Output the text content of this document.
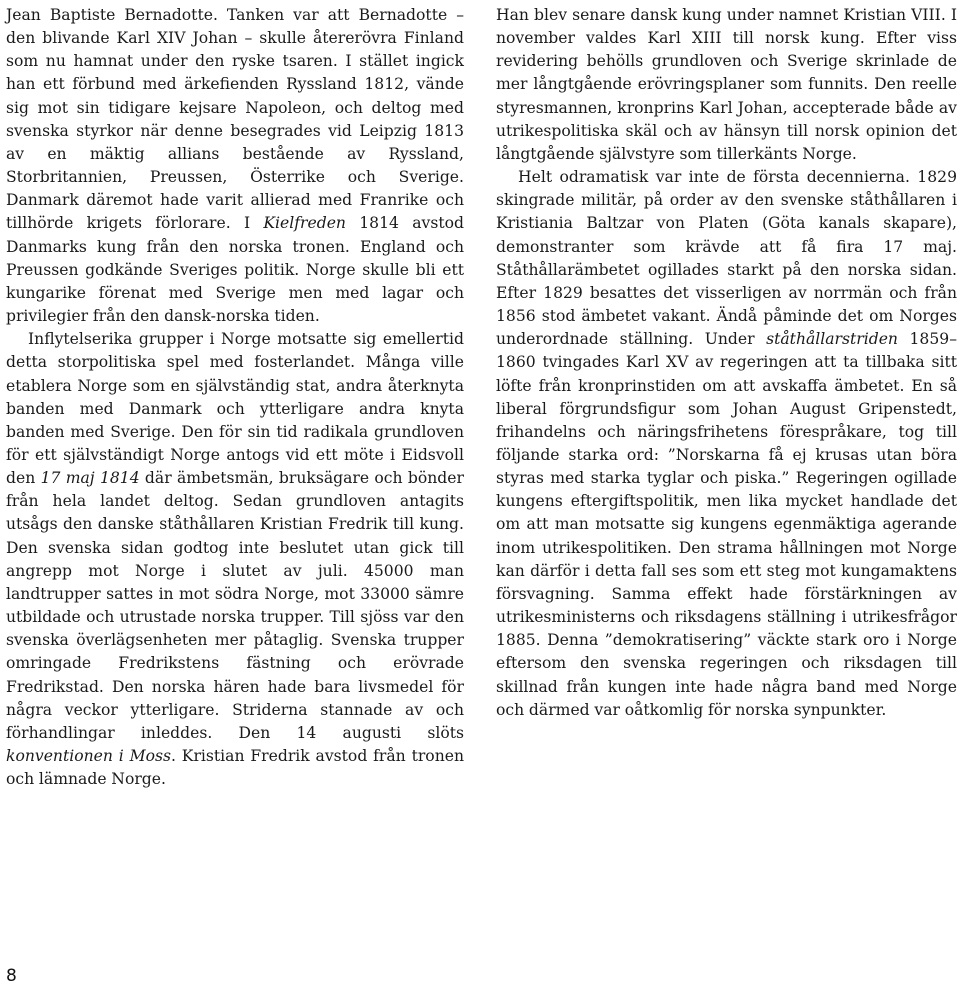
Jean Baptiste Bernadotte. Tanken var att Bernadotte – den blivande Karl XIV Johan – skulle återerövra Finland som nu hamnat under den ryske tsaren. I stället ingick han ett förbund med ärkefienden Ryssland 1812, vände sig mot sin tidigare kejsare Napoleon, och deltog med svenska styrkor när denne besegrades vid Leipzig 1813 av en mäktig allians bestående av Ryssland, Storbritannien, Preussen, Österrike och Sverige. Danmark däremot hade varit allierad med Franrike och tillhörde krigets förlorare. I Kielfreden 1814 avstod Danmarks kung från den norska tronen. England och Preussen godkände Sveriges politik. Norge skulle bli ett kungarike förenat med Sverige men med lagar och privilegier från den dansk-norska tiden.

Inflytelserika grupper i Norge motsatte sig emellertid detta storpolitiska spel med fosterlandet. Många ville etablera Norge som en självständig stat, andra återknyta banden med Danmark och ytterligare andra knyta banden med Sverige. Den för sin tid radikala grundloven för ett självständigt Norge antogs vid ett möte i Eidsvoll den 17 maj 1814 där ämbetsmän, bruksägare och bönder från hela landet deltog. Sedan grundloven antagits utsågs den danske ståthållaren Kristian Fredrik till kung. Den svenska sidan godtog inte beslutet utan gick till angrepp mot Norge i slutet av juli. 45000 man landtrupper sattes in mot södra Norge, mot 33000 sämre utbildade och utrustade norska trupper. Till sjöss var den svenska överlägsenheten mer påtaglig. Svenska trupper omringade Fredrikstens fästning och erövrade Fredrikstad. Den norska hären hade bara livsmedel för några veckor ytterligare. Striderna stannade av och förhandlingar inleddes. Den 14 augusti slöts konventionen i Moss. Kristian Fredrik avstod från tronen och lämnade Norge.

Han blev senare dansk kung under namnet Kristian VIII. I november valdes Karl XIII till norsk kung. Efter viss revidering behölls grundloven och Sverige skrinlade de mer långtgående erövringsplaner som funnits. Den reelle styresmannen, kronprins Karl Johan, accepterade både av utrikespolitiska skäl och av hänsyn till norsk opinion det långtgående självstyre som tillerkänts Norge.

Helt odramatisk var inte de första decennierna. 1829 skingrade militär, på order av den svenske ståthållaren i Kristiania Baltzar von Platen (Göta kanals skapare), demonstranter som krävde att få fira 17 maj. Ståthållarämbetet ogillades starkt på den norska sidan. Efter 1829 besattes det visserligen av norrmän och från 1856 stod ämbetet vakant. Ändå påminde det om Norges underordnade ställning. Under ståthållarstriden 1859–1860 tvingades Karl XV av regeringen att ta tillbaka sitt löfte från kronprinstiden om att avskaffa ämbetet. En så liberal förgrundsfigur som Johan August Gripenstedt, frihandelns och näringsfrihetens förespråkare, tog till följande starka ord: ”Norskarna få ej krusas utan böra styras med starka tyglar och piska.” Regeringen ogillade kungens eftergiftspolitik, men lika mycket handlade det om att man motsatte sig kungens egenmäktiga agerande inom utrikespolitiken. Den strama hållningen mot Norge kan därför i detta fall ses som ett steg mot kungamaktens försvagning. Samma effekt hade förstärkningen av utrikesministerns och riksdagens ställning i utrikesfrågor 1885. Denna ”demokratisering” väckte stark oro i Norge eftersom den svenska regeringen och riksdagen till skillnad från kungen inte hade några band med Norge och därmed var oåtkomlig för norska synpunkter.

8
